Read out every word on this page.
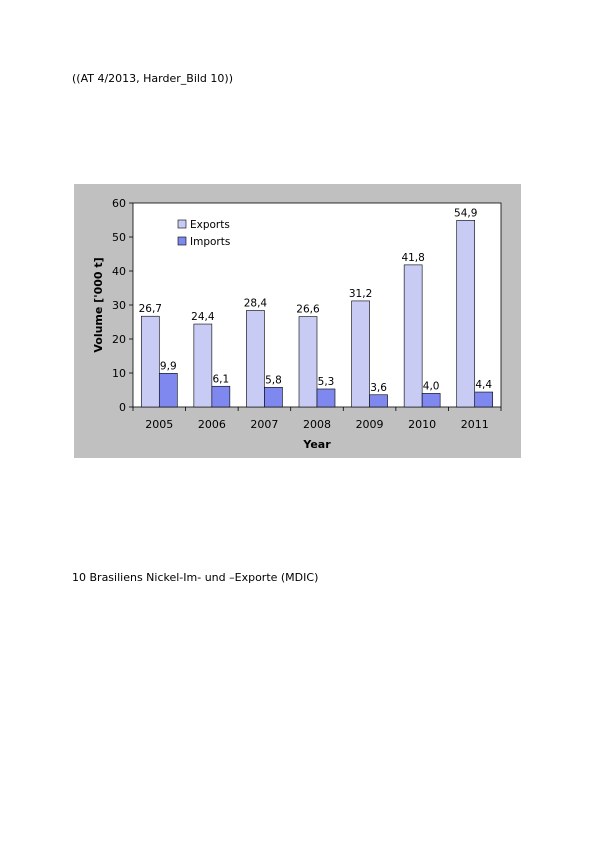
((AT 4/2013, Harder_Bild 10))
0
10
20
30
40
50
60
2005
26,7
9,9
2006
24,4
6,1
2007
28,4
5,8
2008
26,6
5,3
2009
31,2
3,6
2010
41,8
4,0
2011
54,9
4,4
Year
Volume ['000 t]
Exports
Imports
10 Brasiliens Nickel-Im- und –Exporte (MDIC)
